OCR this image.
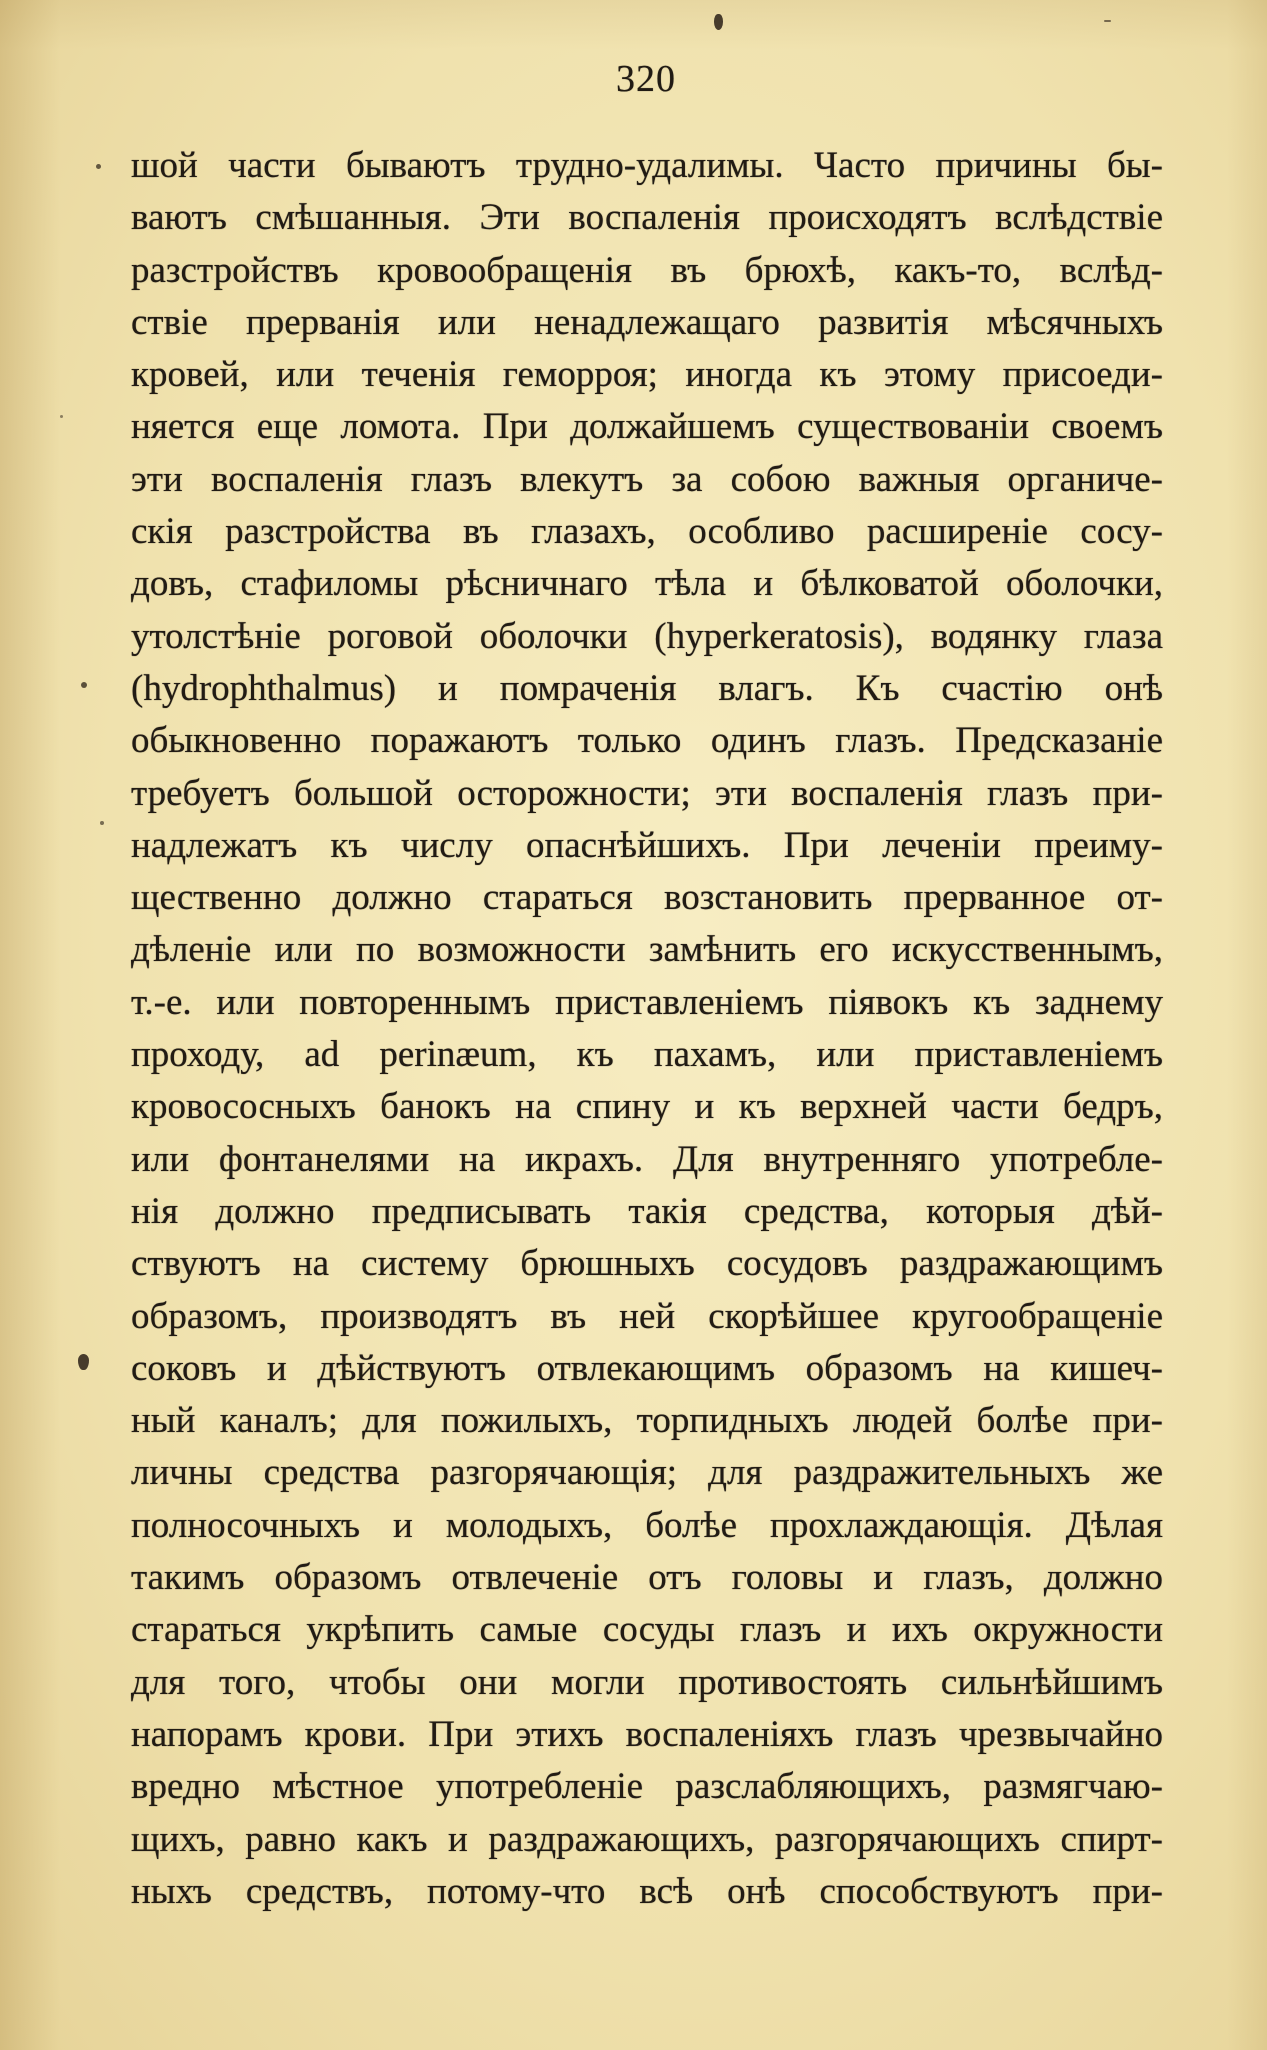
320
шой части бываютъ трудно-удалимы. Часто причины бы-
ваютъ смѣшанныя. Эти воспаленія происходятъ вслѣдствіе
разстройствъ кровообращенія въ брюхѣ, какъ-то, вслѣд-
ствіе прерванія или ненадлежащаго развитія мѣсячныхъ
кровей, или теченія геморроя; иногда къ этому присоеди-
няется еще ломота. При должайшемъ существованіи своемъ
эти воспаленія глазъ влекутъ за собою важныя органиче-
скія разстройства въ глазахъ, особливо расширеніе сосу-
довъ, стафиломы рѣсничнаго тѣла и бѣлковатой оболочки,
утолстѣніе роговой оболочки (hyperkeratosis), водянку глаза
(hydrophthalmus) и помраченія влагъ. Къ счастію онѣ
обыкновенно поражаютъ только одинъ глазъ. Предсказаніе
требуетъ большой осторожности; эти воспаленія глазъ при-
надлежатъ къ числу опаснѣйшихъ. При леченіи преиму-
щественно должно стараться возстановить прерванное от-
дѣленіе или по возможности замѣнить его искусственнымъ,
т.-е. или повтореннымъ приставленіемъ піявокъ къ заднему
проходу, ad perinæum, къ пахамъ, или приставленіемъ
кровососныхъ банокъ на спину и къ верхней части бедръ,
или фонтанелями на икрахъ. Для внутренняго употребле-
нія должно предписывать такія средства, которыя дѣй-
ствуютъ на систему брюшныхъ сосудовъ раздражающимъ
образомъ, производятъ въ ней скорѣйшее кругообращеніе
соковъ и дѣйствуютъ отвлекающимъ образомъ на кишеч-
ный каналъ; для пожилыхъ, торпидныхъ людей болѣе при-
личны средства разгорячающія; для раздражительныхъ же
полносочныхъ и молодыхъ, болѣе прохлаждающія. Дѣлая
такимъ образомъ отвлеченіе отъ головы и глазъ, должно
стараться укрѣпить самые сосуды глазъ и ихъ окружности
для того, чтобы они могли противостоять сильнѣйшимъ
напорамъ крови. При этихъ воспаленіяхъ глазъ чрезвычайно
вредно мѣстное употребленіе разслабляющихъ, размягчаю-
щихъ, равно какъ и раздражающихъ, разгорячающихъ спирт-
ныхъ средствъ, потому-что всѣ онѣ способствуютъ при-
